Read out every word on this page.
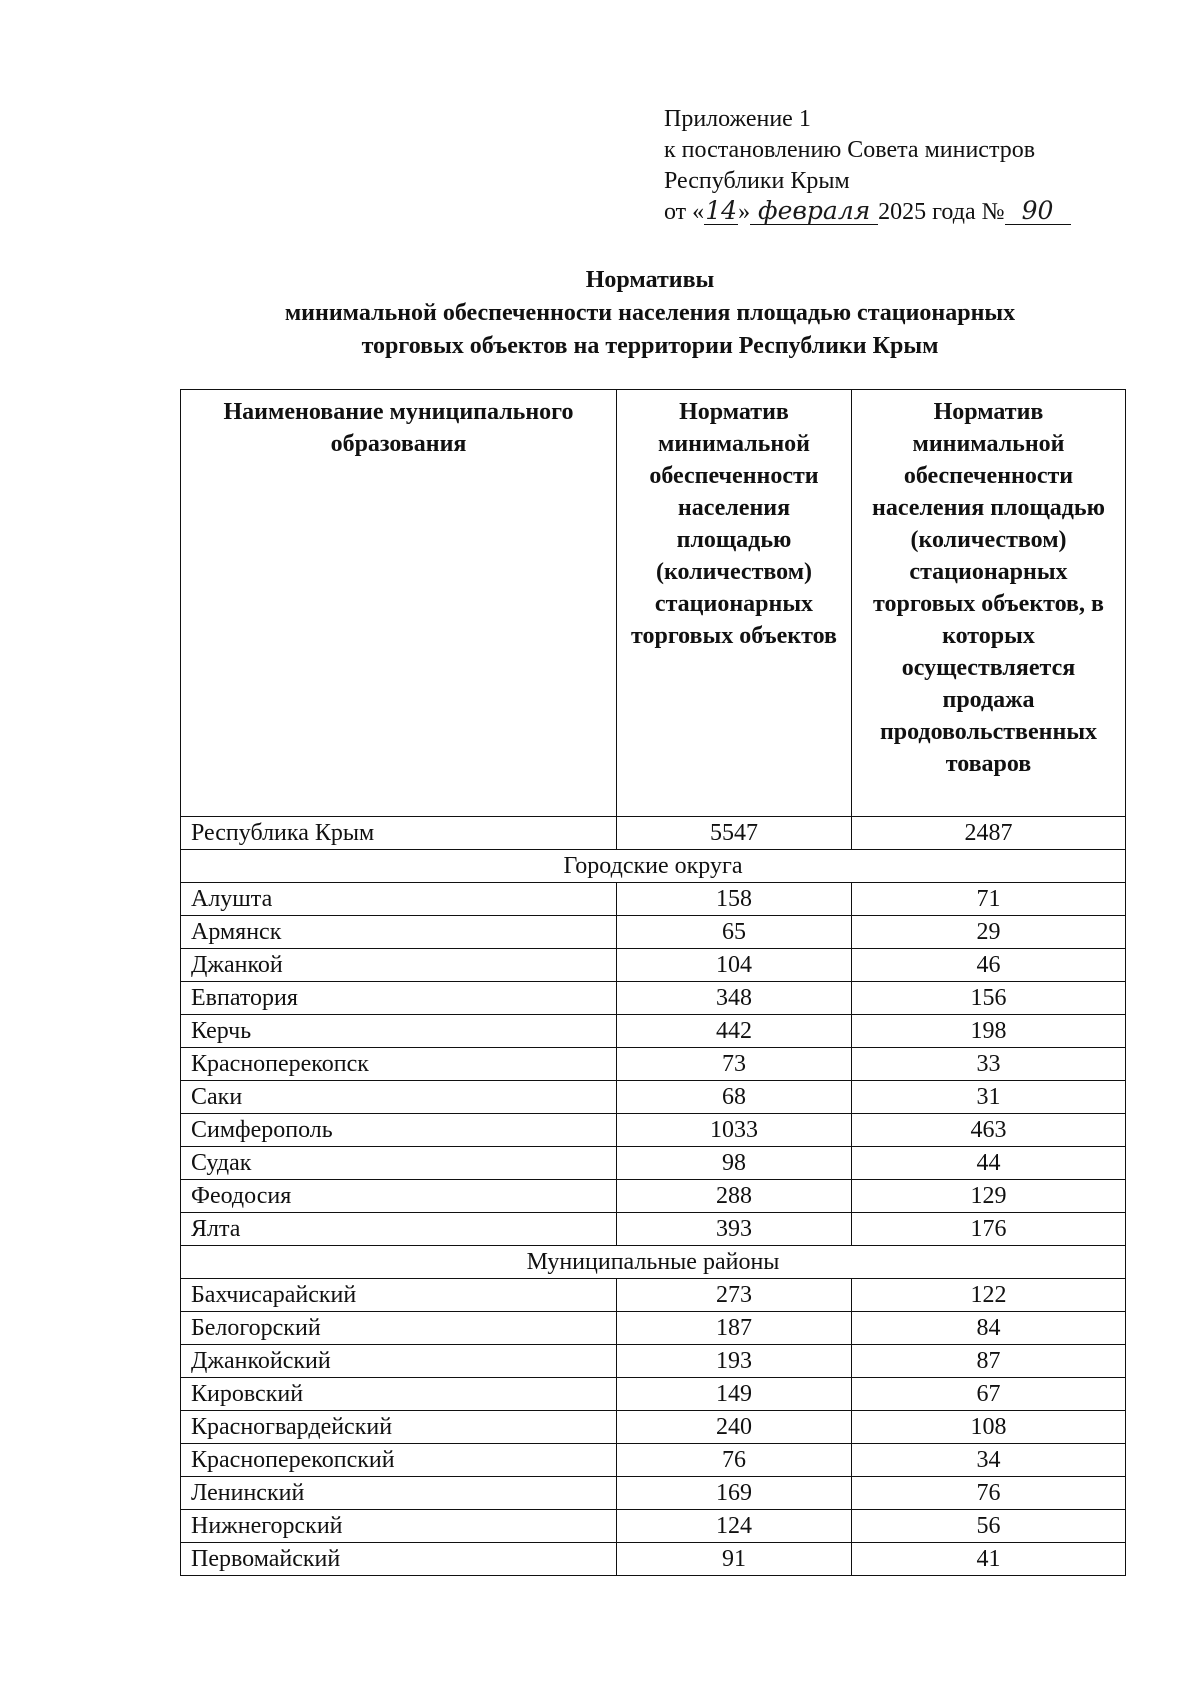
Приложение 1
к постановлению Совета министров
Республики Крым
от «14» февраля 2025 года № 90
Нормативы
минимальной обеспеченности населения площадью стационарных
торговых объектов на территории Республики Крым
Наименование муниципального образования	Норматив минимальной обеспеченности населения площадью (количеством) стационарных торговых объектов	Норматив минимальной обеспеченности населения площадью (количеством) стационарных торговых объектов, в которых осуществляется продажа продовольственных товаров
Республика Крым	5547	2487
Городские округа		
Алушта	158	71
Армянск	65	29
Джанкой	104	46
Евпатория	348	156
Керчь	442	198
Красноперекопск	73	33
Саки	68	31
Симферополь	1033	463
Судак	98	44
Феодосия	288	129
Ялта	393	176
Муниципальные районы		
Бахчисарайский	273	122
Белогорский	187	84
Джанкойский	193	87
Кировский	149	67
Красногвардейский	240	108
Красноперекопский	76	34
Ленинский	169	76
Нижнегорский	124	56
Первомайский	91	41
